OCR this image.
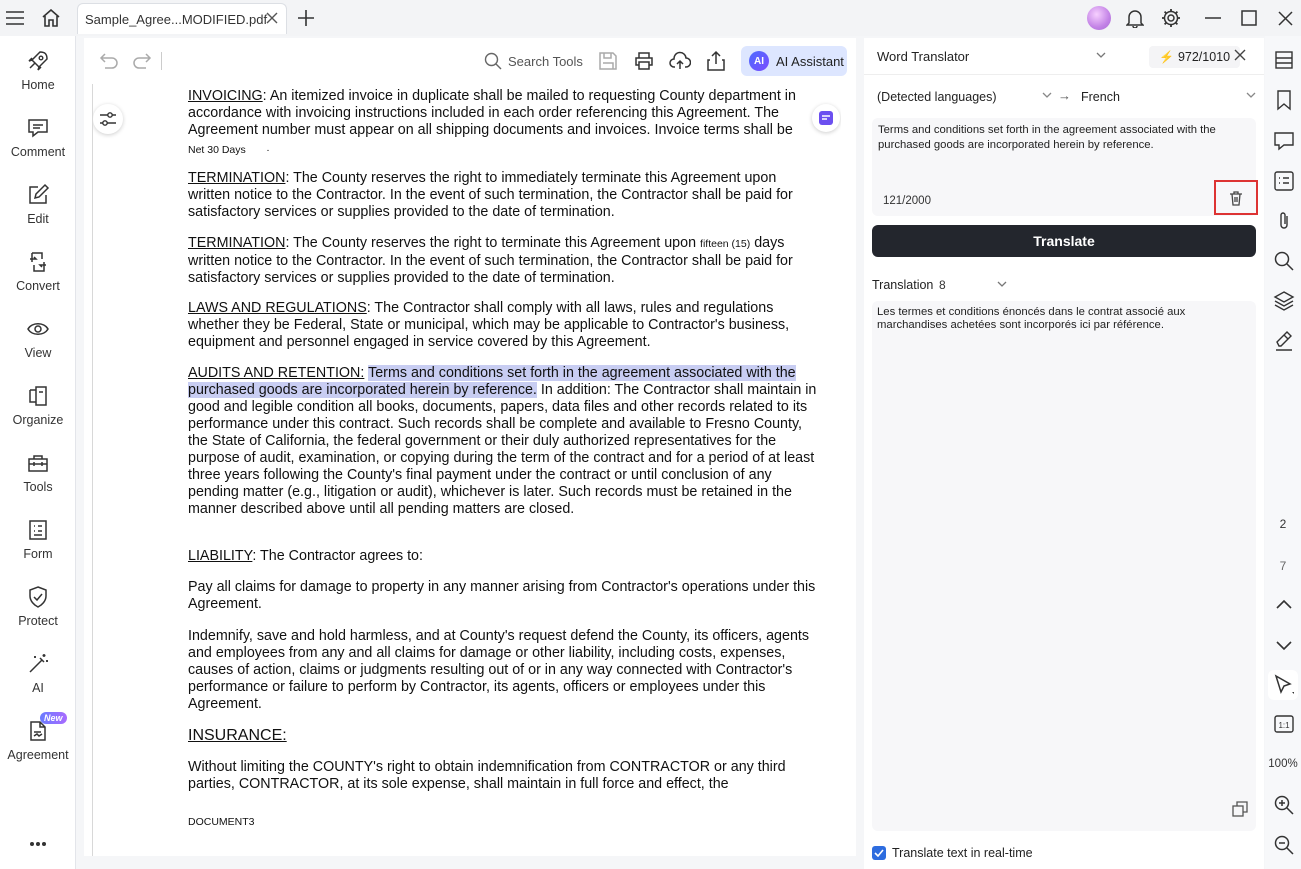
Sample_Agree...MODIFIED.pdf
Home
Comment
Edit
Convert
View
Organize
Tools
Form
Protect
AI
New
Agreement
Search Tools	AI AI Assistant

INVOICING: An itemized invoice in duplicate shall be mailed to requesting County department in accordance with invoicing instructions included in each order referencing this Agreement. The Agreement number must appear on all shipping documents and invoices. Invoice terms shall be

Net 30 Days ·

TERMINATION: The County reserves the right to immediately terminate this Agreement upon written notice to the Contractor. In the event of such termination, the Contractor shall be paid for satisfactory services or supplies provided to the date of termination.

TERMINATION: The County reserves the right to terminate this Agreement upon fifteen (15) days written notice to the Contractor. In the event of such termination, the Contractor shall be paid for satisfactory services or supplies provided to the date of termination.

LAWS AND REGULATIONS: The Contractor shall comply with all laws, rules and regulations whether they be Federal, State or municipal, which may be applicable to Contractor's business, equipment and personnel engaged in service covered by this Agreement.

AUDITS AND RETENTION: Terms and conditions set forth in the agreement associated with the purchased goods are incorporated herein by reference. In addition: The Contractor shall maintain in good and legible condition all books, documents, papers, data files and other records related to its performance under this contract. Such records shall be complete and available to Fresno County, the State of California, the federal government or their duly authorized representatives for the purpose of audit, examination, or copying during the term of the contract and for a period of at least three years following the County's final payment under the contract or until conclusion of any pending matter (e.g., litigation or audit), whichever is later. Such records must be retained in the manner described above until all pending matters are closed.

LIABILITY: The Contractor agrees to:

Pay all claims for damage to property in any manner arising from Contractor's operations under this Agreement.

Indemnify, save and hold harmless, and at County's request defend the County, its officers, agents and employees from any and all claims for damage or other liability, including costs, expenses, causes of action, claims or judgments resulting out of or in any way connected with Contractor's performance or failure to perform by Contractor, its agents, officers or employees under this Agreement.

INSURANCE:

Without limiting the COUNTY's right to obtain indemnification from CONTRACTOR or any third parties, CONTRACTOR, at its sole expense, shall maintain in full force and effect, the

DOCUMENT3

Word Translator	⚡ 972/1010
(Detected languages)	→ French
Terms and conditions set forth in the agreement associated with the purchased goods are incorporated herein by reference.
121/2000
Translate
Translation 8
Les termes et conditions énoncés dans le contrat associé aux marchandises achetées sont incorporés ici par référence.
Translate text in real-time
2
7
1:1
100%
